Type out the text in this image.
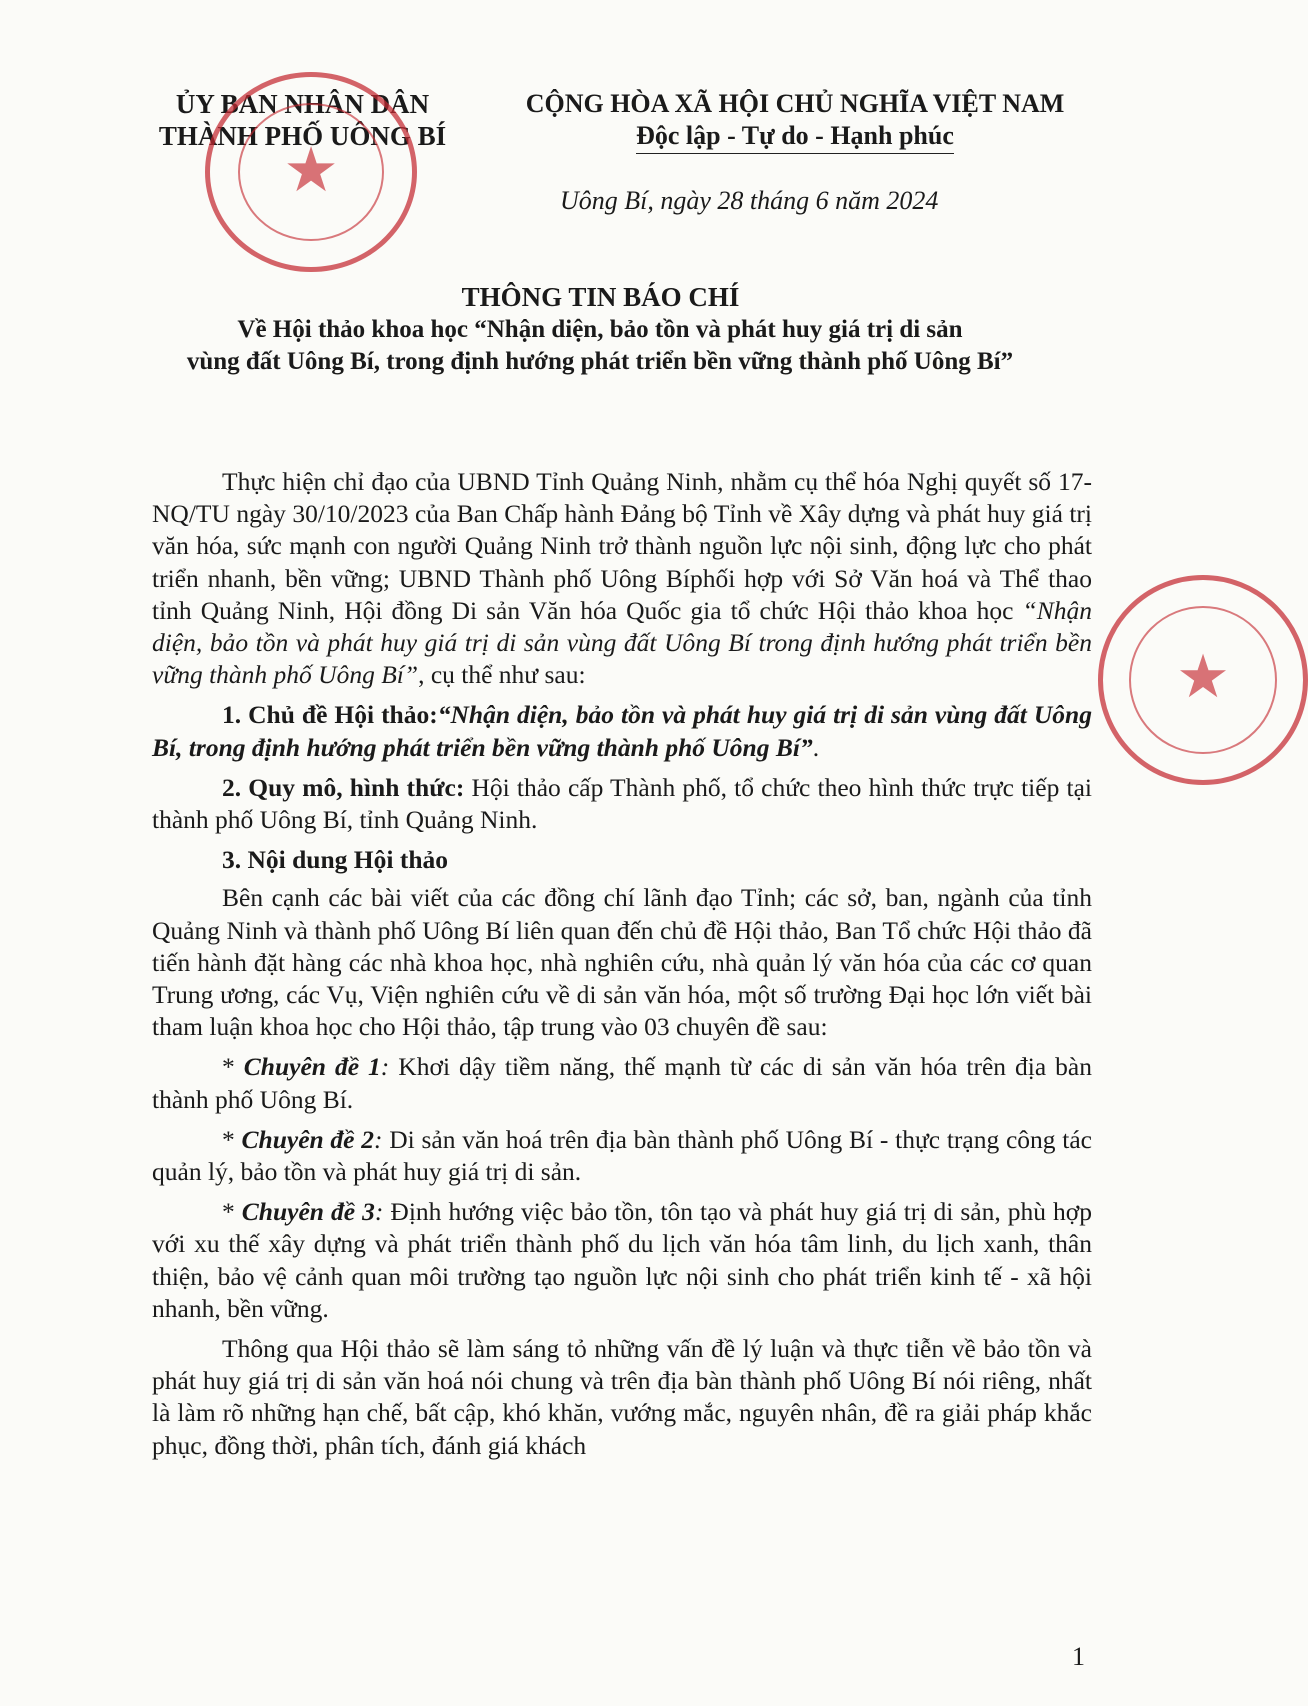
ỦY BAN NHÂN DÂN
THÀNH PHỐ UÔNG BÍ
★
CỘNG HÒA XÃ HỘI CHỦ NGHĨA VIỆT NAM
Độc lập - Tự do - Hạnh phúc
Uông Bí, ngày 28 tháng 6 năm 2024
THÔNG TIN BÁO CHÍ
Về Hội thảo khoa học “Nhận diện, bảo tồn và phát huy giá trị di sản
vùng đất Uông Bí, trong định hướng phát triển bền vững thành phố Uông Bí”

Thực hiện chỉ đạo của UBND Tỉnh Quảng Ninh, nhằm cụ thể hóa Nghị quyết số 17-NQ/TU ngày 30/10/2023 của Ban Chấp hành Đảng bộ Tỉnh về Xây dựng và phát huy giá trị văn hóa, sức mạnh con người Quảng Ninh trở thành nguồn lực nội sinh, động lực cho phát triển nhanh, bền vững; UBND Thành phố Uông Bíphối hợp với Sở Văn hoá và Thể thao tỉnh Quảng Ninh, Hội đồng Di sản Văn hóa Quốc gia tổ chức Hội thảo khoa học “Nhận diện, bảo tồn và phát huy giá trị di sản vùng đất Uông Bí trong định hướng phát triển bền vững thành phố Uông Bí”, cụ thể như sau:

1. Chủ đề Hội thảo:“Nhận diện, bảo tồn và phát huy giá trị di sản vùng đất Uông Bí, trong định hướng phát triển bền vững thành phố Uông Bí”.

2. Quy mô, hình thức: Hội thảo cấp Thành phố, tổ chức theo hình thức trực tiếp tại thành phố Uông Bí, tỉnh Quảng Ninh.

3. Nội dung Hội thảo

Bên cạnh các bài viết của các đồng chí lãnh đạo Tỉnh; các sở, ban, ngành của tỉnh Quảng Ninh và thành phố Uông Bí liên quan đến chủ đề Hội thảo, Ban Tổ chức Hội thảo đã tiến hành đặt hàng các nhà khoa học, nhà nghiên cứu, nhà quản lý văn hóa của các cơ quan Trung ương, các Vụ, Viện nghiên cứu về di sản văn hóa, một số trường Đại học lớn viết bài tham luận khoa học cho Hội thảo, tập trung vào 03 chuyên đề sau:

* Chuyên đề 1: Khơi dậy tiềm năng, thế mạnh từ các di sản văn hóa trên địa bàn thành phố Uông Bí.

* Chuyên đề 2: Di sản văn hoá trên địa bàn thành phố Uông Bí - thực trạng công tác quản lý, bảo tồn và phát huy giá trị di sản.

* Chuyên đề 3: Định hướng việc bảo tồn, tôn tạo và phát huy giá trị di sản, phù hợp với xu thế xây dựng và phát triển thành phố du lịch văn hóa tâm linh, du lịch xanh, thân thiện, bảo vệ cảnh quan môi trường tạo nguồn lực nội sinh cho phát triển kinh tế - xã hội nhanh, bền vững.

Thông qua Hội thảo sẽ làm sáng tỏ những vấn đề lý luận và thực tiễn về bảo tồn và phát huy giá trị di sản văn hoá nói chung và trên địa bàn thành phố Uông Bí nói riêng, nhất là làm rõ những hạn chế, bất cập, khó khăn, vướng mắc, nguyên nhân, đề ra giải pháp khắc phục, đồng thời, phân tích, đánh giá khách

★
1
